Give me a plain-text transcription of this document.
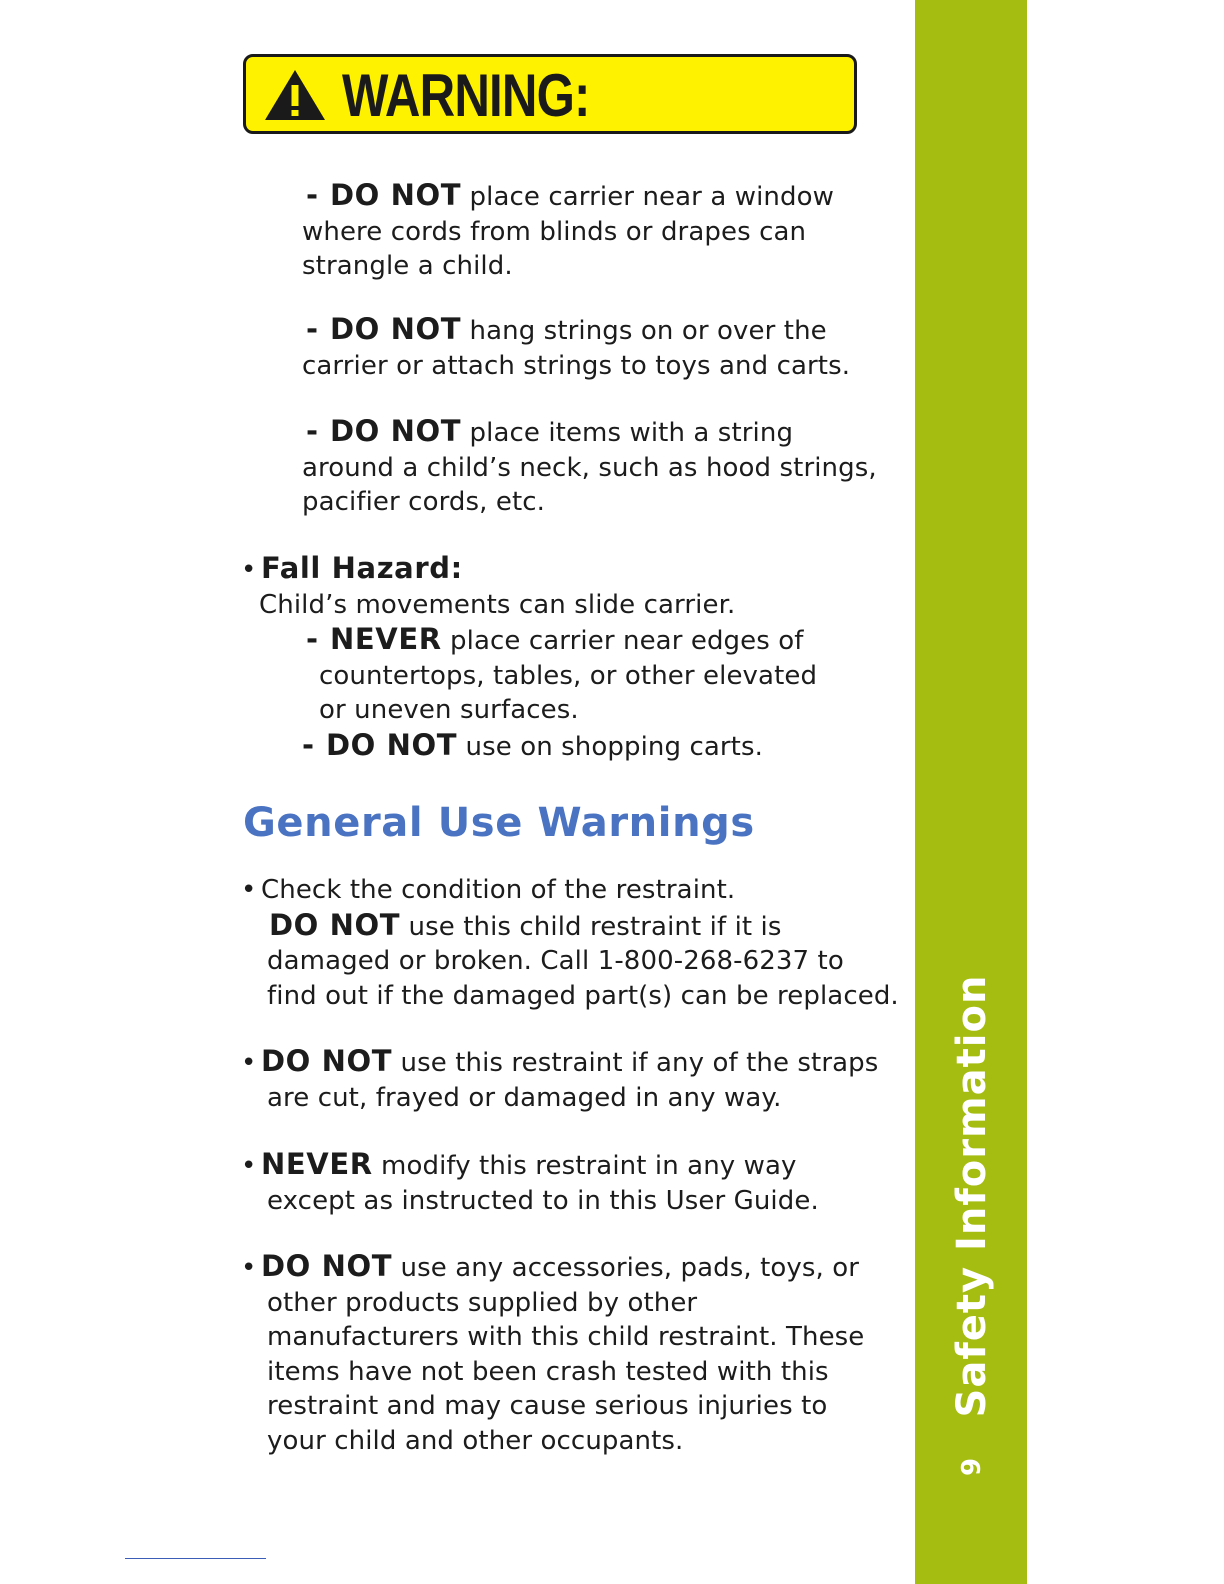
WARNING:
- DO NOT place carrier near a window
where cords from blinds or drapes can
strangle a child.
- DO NOT hang strings on or over the
carrier or attach strings to toys and carts.
- DO NOT place items with a string
around a child’s neck, such as hood strings,
pacifier cords, etc.
• Fall Hazard:
Child’s movements can slide carrier.
- NEVER place carrier near edges of
countertops, tables, or other elevated
or uneven surfaces.
- DO NOT use on shopping carts.
General Use Warnings
• Check the condition of the restraint.
DO NOT use this child restraint if it is
damaged or broken. Call 1-800-268-6237 to
find out if the damaged part(s) can be replaced.
• DO NOT use this restraint if any of the straps
are cut, frayed or damaged in any way.
• NEVER modify this restraint in any way
except as instructed to in this User Guide.
• DO NOT use any accessories, pads, toys, or
other products supplied by other
manufacturers with this child restraint. These
items have not been crash tested with this
restraint and may cause serious injuries to
your child and other occupants.
Safety Information
9
